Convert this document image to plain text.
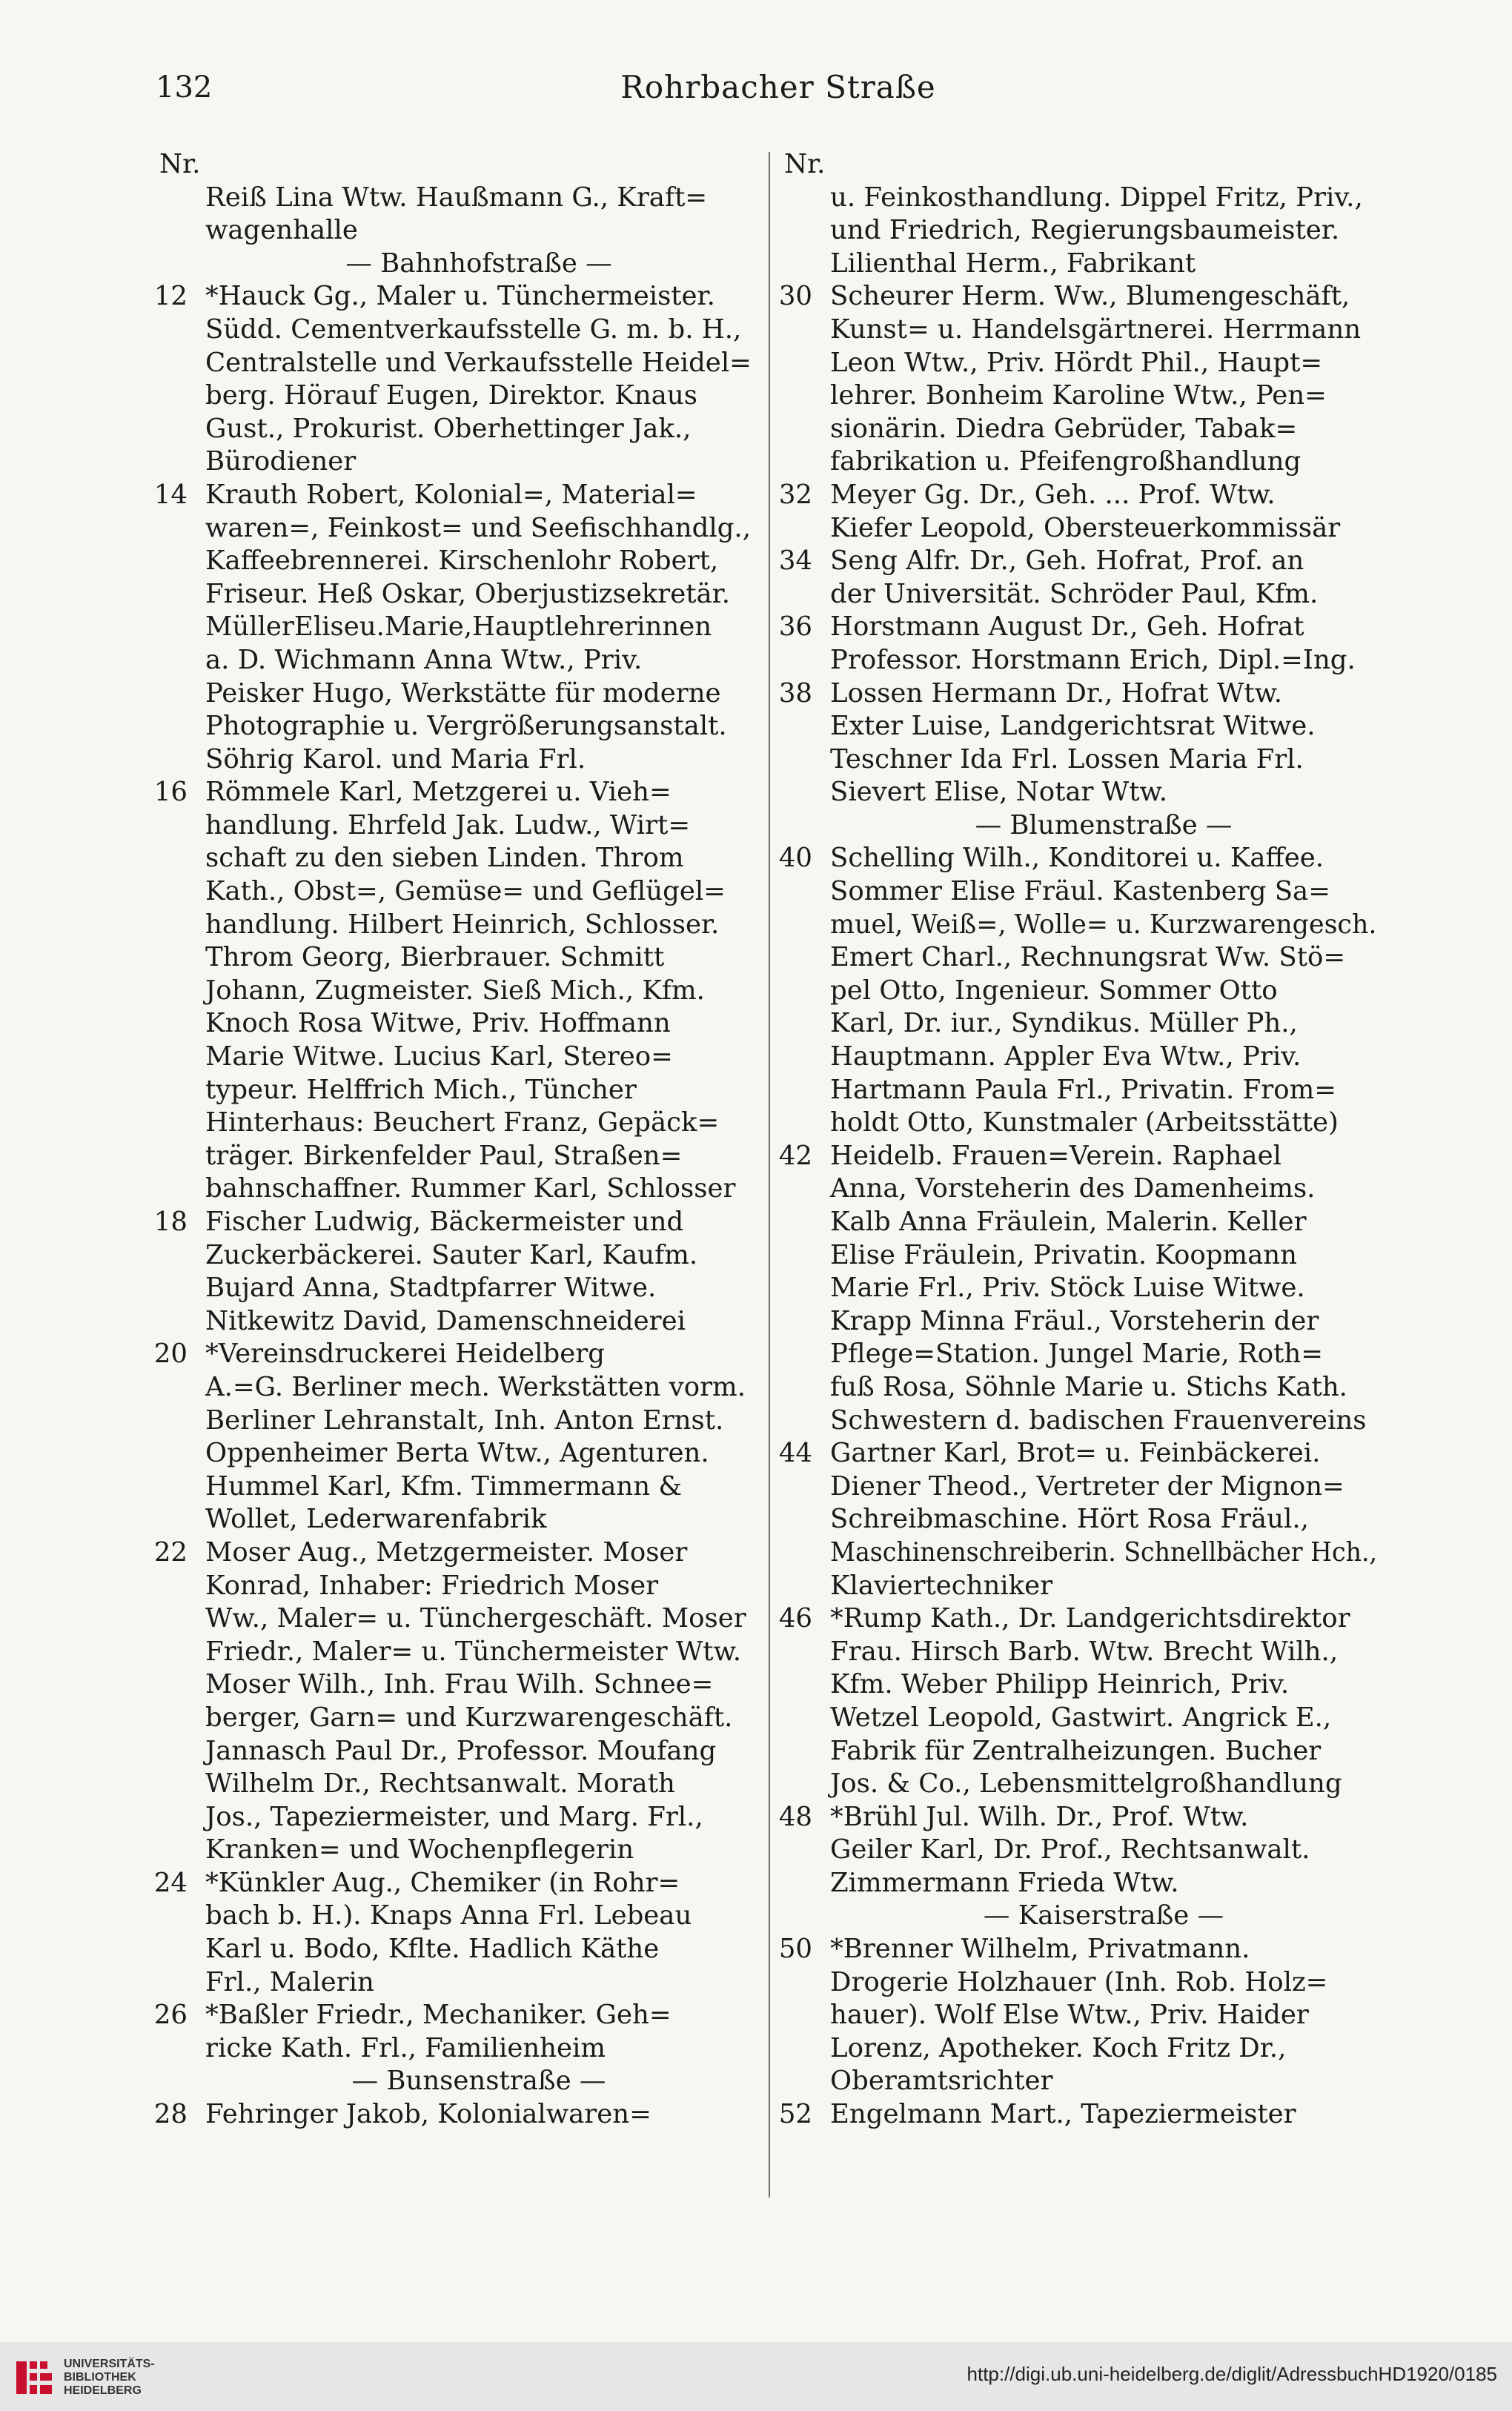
132	Rohrbacher Straße
Nr.
Reiß Lina Wtw. Haußmann G., Kraft=
wagenhalle
— Bahnhofstraße —
12 *Hauck Gg., Maler u. Tünchermeister.
Südd. Cementverkaufsstelle G. m. b. H.,
Centralstelle und Verkaufsstelle Heidel=
berg. Hörauf Eugen, Direktor. Knaus
Gust., Prokurist. Oberhettinger Jak.,
Bürodiener
14 Krauth Robert, Kolonial=, Material=
waren=, Feinkost= und Seefischhandlg.,
Kaffeebrennerei. Kirschenlohr Robert,
Friseur. Heß Oskar, Oberjustizsekretär.
MüllerEliseu.Marie,Hauptlehrerinnen
a. D. Wichmann Anna Wtw., Priv.
Peisker Hugo, Werkstätte für moderne
Photographie u. Vergrößerungsanstalt.
Söhrig Karol. und Maria Frl.
16 Römmele Karl, Metzgerei u. Vieh=
handlung. Ehrfeld Jak. Ludw., Wirt=
schaft zu den sieben Linden. Throm
Kath., Obst=, Gemüse= und Geflügel=
handlung. Hilbert Heinrich, Schlosser.
Throm Georg, Bierbrauer. Schmitt
Johann, Zugmeister. Sieß Mich., Kfm.
Knoch Rosa Witwe, Priv. Hoffmann
Marie Witwe. Lucius Karl, Stereo=
typeur. Helffrich Mich., Tüncher
Hinterhaus: Beuchert Franz, Gepäck=
träger. Birkenfelder Paul, Straßen=
bahnschaffner. Rummer Karl, Schlosser
18 Fischer Ludwig, Bäckermeister und
Zuckerbäckerei. Sauter Karl, Kaufm.
Bujard Anna, Stadtpfarrer Witwe.
Nitkewitz David, Damenschneiderei
20 *Vereinsdruckerei Heidelberg
A.=G. Berliner mech. Werkstätten vorm.
Berliner Lehranstalt, Inh. Anton Ernst.
Oppenheimer Berta Wtw., Agenturen.
Hummel Karl, Kfm. Timmermann &
Wollet, Lederwarenfabrik
22 Moser Aug., Metzgermeister. Moser
Konrad, Inhaber: Friedrich Moser
Ww., Maler= u. Tünchergeschäft. Moser
Friedr., Maler= u. Tünchermeister Wtw.
Moser Wilh., Inh. Frau Wilh. Schnee=
berger, Garn= und Kurzwarengeschäft.
Jannasch Paul Dr., Professor. Moufang
Wilhelm Dr., Rechtsanwalt. Morath
Jos., Tapeziermeister, und Marg. Frl.,
Kranken= und Wochenpflegerin
24 *Künkler Aug., Chemiker (in Rohr=
bach b. H.). Knaps Anna Frl. Lebeau
Karl u. Bodo, Kflte. Hadlich Käthe
Frl., Malerin
26 *Baßler Friedr., Mechaniker. Geh=
ricke Kath. Frl., Familienheim
— Bunsenstraße —
28 Fehringer Jakob, Kolonialwaren=
Nr.
u. Feinkosthandlung. Dippel Fritz, Priv.,
und Friedrich, Regierungsbaumeister.
Lilienthal Herm., Fabrikant
30 Scheurer Herm. Ww., Blumengeschäft,
Kunst= u. Handelsgärtnerei. Herrmann
Leon Wtw., Priv. Hördt Phil., Haupt=
lehrer. Bonheim Karoline Wtw., Pen=
sionärin. Diedra Gebrüder, Tabak=
fabrikation u. Pfeifengroßhandlung
32 Meyer Gg. Dr., Geh. ... Prof. Wtw.
Kiefer Leopold, Obersteuerkommissär
34 Seng Alfr. Dr., Geh. Hofrat, Prof. an
der Universität. Schröder Paul, Kfm.
36 Horstmann August Dr., Geh. Hofrat
Professor. Horstmann Erich, Dipl.=Ing.
38 Lossen Hermann Dr., Hofrat Wtw.
Exter Luise, Landgerichtsrat Witwe.
Teschner Ida Frl. Lossen Maria Frl.
Sievert Elise, Notar Wtw.
— Blumenstraße —
40 Schelling Wilh., Konditorei u. Kaffee.
Sommer Elise Fräul. Kastenberg Sa=
muel, Weiß=, Wolle= u. Kurzwarengesch.
Emert Charl., Rechnungsrat Ww. Stö=
pel Otto, Ingenieur. Sommer Otto
Karl, Dr. iur., Syndikus. Müller Ph.,
Hauptmann. Appler Eva Wtw., Priv.
Hartmann Paula Frl., Privatin. From=
holdt Otto, Kunstmaler (Arbeitsstätte)
42 Heidelb. Frauen=Verein. Raphael
Anna, Vorsteherin des Damenheims.
Kalb Anna Fräulein, Malerin. Keller
Elise Fräulein, Privatin. Koopmann
Marie Frl., Priv. Stöck Luise Witwe.
Krapp Minna Fräul., Vorsteherin der
Pflege=Station. Jungel Marie, Roth=
fuß Rosa, Söhnle Marie u. Stichs Kath.
Schwestern d. badischen Frauenvereins
44 Gartner Karl, Brot= u. Feinbäckerei.
Diener Theod., Vertreter der Mignon=
Schreibmaschine. Hört Rosa Fräul.,
Maschinenschreiberin. Schnellbächer Hch.,
Klaviertechniker
46 *Rump Kath., Dr. Landgerichtsdirektor
Frau. Hirsch Barb. Wtw. Brecht Wilh.,
Kfm. Weber Philipp Heinrich, Priv.
Wetzel Leopold, Gastwirt. Angrick E.,
Fabrik für Zentralheizungen. Bucher
Jos. & Co., Lebensmittelgroßhandlung
48 *Brühl Jul. Wilh. Dr., Prof. Wtw.
Geiler Karl, Dr. Prof., Rechtsanwalt.
Zimmermann Frieda Wtw.
— Kaiserstraße —
50 *Brenner Wilhelm, Privatmann.
Drogerie Holzhauer (Inh. Rob. Holz=
hauer). Wolf Else Wtw., Priv. Haider
Lorenz, Apotheker. Koch Fritz Dr.,
Oberamtsrichter
52 Engelmann Mart., Tapeziermeister
UNIVERSITÄTS-
BIBLIOTHEK
HEIDELBERG
http://digi.ub.uni-heidelberg.de/diglit/AdressbuchHD1920/0185
